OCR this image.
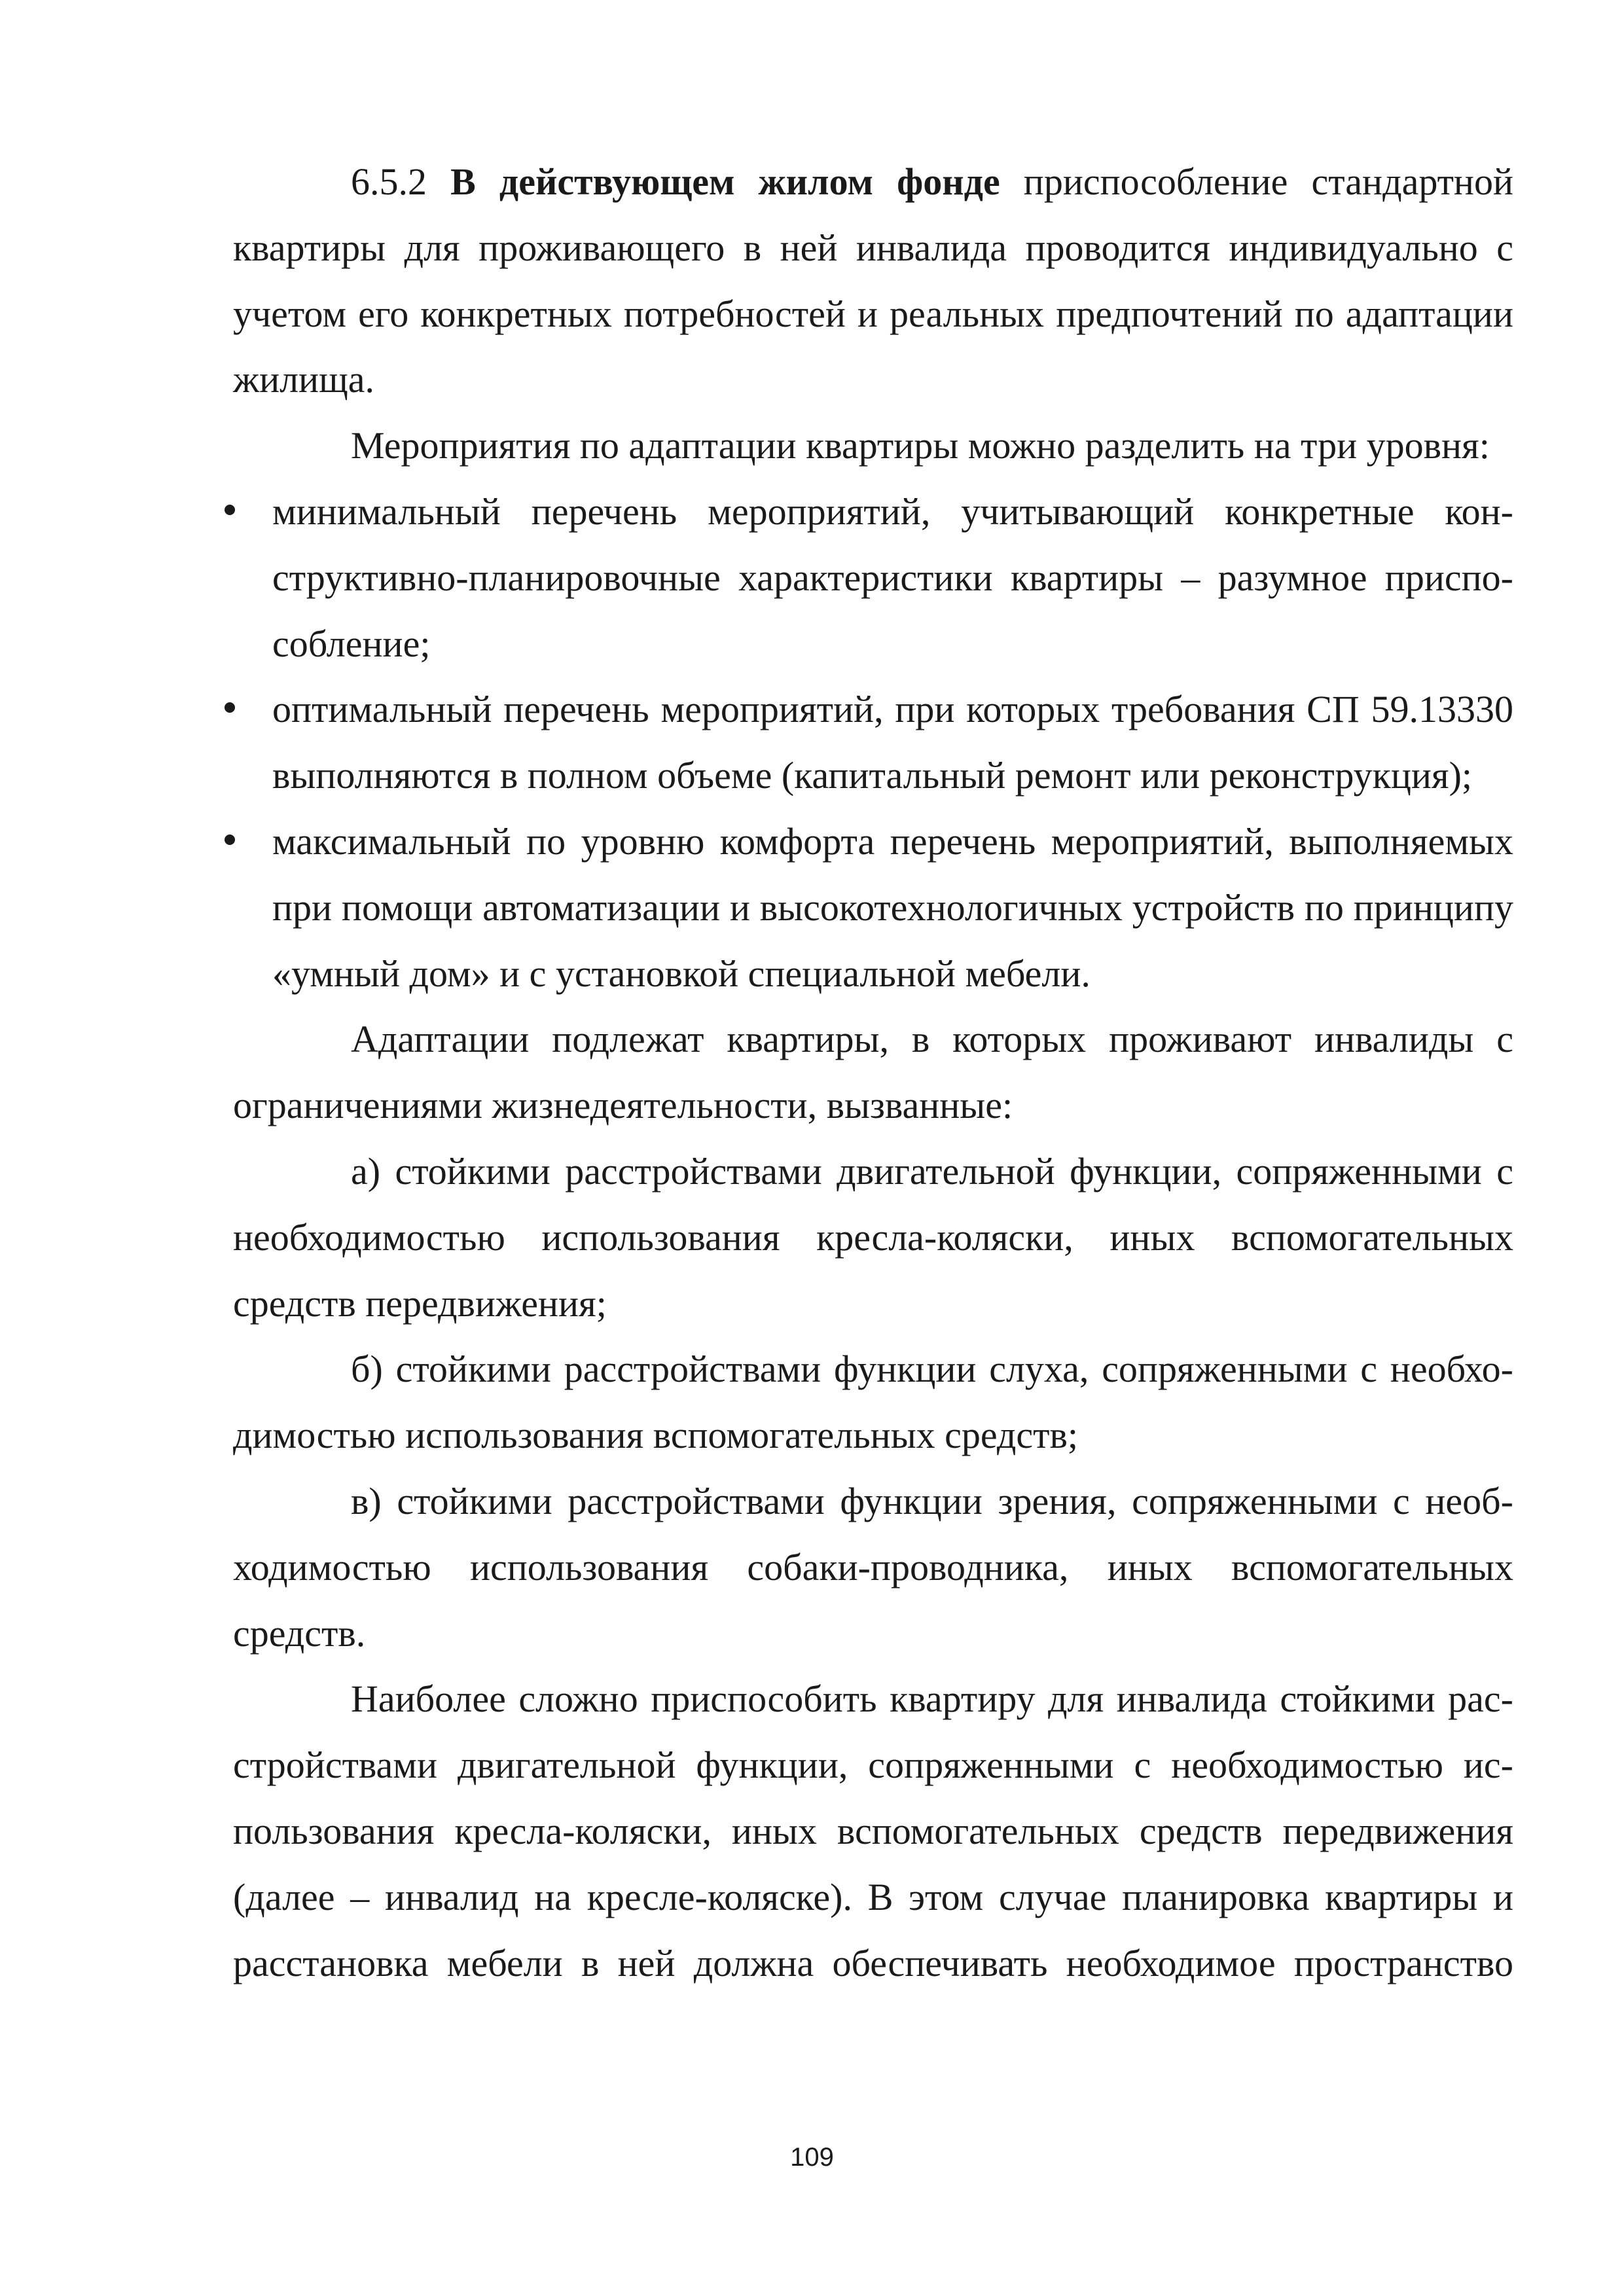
6.5.2 В действующем жилом фонде приспособление стандартной квартиры для проживающего в ней инвалида проводится индивидуально с учетом его конкретных потребностей и реальных предпочтений по адаптации жилища.

Мероприятия по адаптации квартиры можно разделить на три уровня:

минимальный перечень мероприятий, учитывающий конкретные конструктивно-планировочные характеристики квартиры – разумное приспособление;
оптимальный перечень мероприятий, при которых требования СП 59.13330 выполняются в полном объеме (капитальный ремонт или реконструкция);
максимальный по уровню комфорта перечень мероприятий, выполняемых при помощи автоматизации и высокотехнологичных устройств по принципу «умный дом» и с установкой специальной мебели.

Адаптации подлежат квартиры, в которых проживают инвалиды с ограничениями жизнедеятельности, вызванные:

а) стойкими расстройствами двигательной функции, сопряженными с необходимостью использования кресла-коляски, иных вспомогательных средств передвижения;

б) стойкими расстройствами функции слуха, сопряженными с необходимостью использования вспомогательных средств;

в) стойкими расстройствами функции зрения, сопряженными с необходимостью использования собаки-проводника, иных вспомогательных средств.

Наиболее сложно приспособить квартиру для инвалида стойкими расстройствами двигательной функции, сопряженными с необходимостью использования кресла-коляски, иных вспомогательных средств передвижения (далее – инвалид на кресле-коляске). В этом случае планировка квартиры и расстановка мебели в ней должна обеспечивать необходимое пространство

109
